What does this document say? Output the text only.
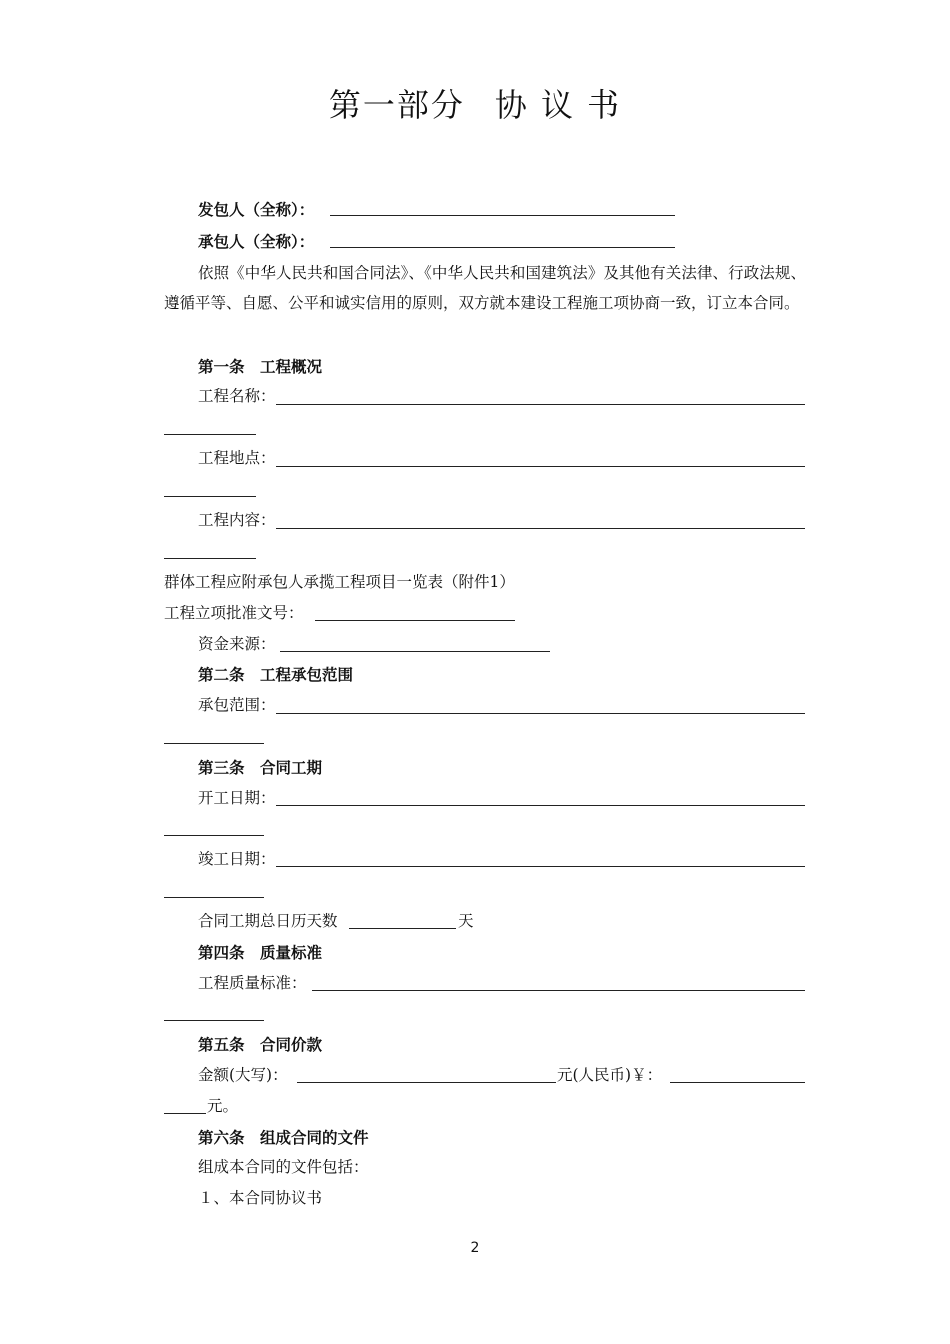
第一部分 协 议 书
发包人（全称）：
承包人（全称）：
依照《中华人民共和国合同法》、《中华人民共和国建筑法》及其他有关法律、行政法规、遵循平等、自愿、公平和诚实信用的原则，双方就本建设工程施工项协商一致，订立本合同。
第一条　工程概况
工程名称：
工程地点：
工程内容：
群体工程应附承包人承揽工程项目一览表（附件1）
工程立项批准文号：
资金来源：
第二条　工程承包范围
承包范围：
第三条　合同工期
开工日期：
竣工日期：
合同工期总日历天数	天
第四条　质量标准
工程质量标准：
第五条　合同价款
金额(大写)：	元(人民币)￥：
元。
第六条　组成合同的文件
组成本合同的文件包括：
１、本合同协议书
2
